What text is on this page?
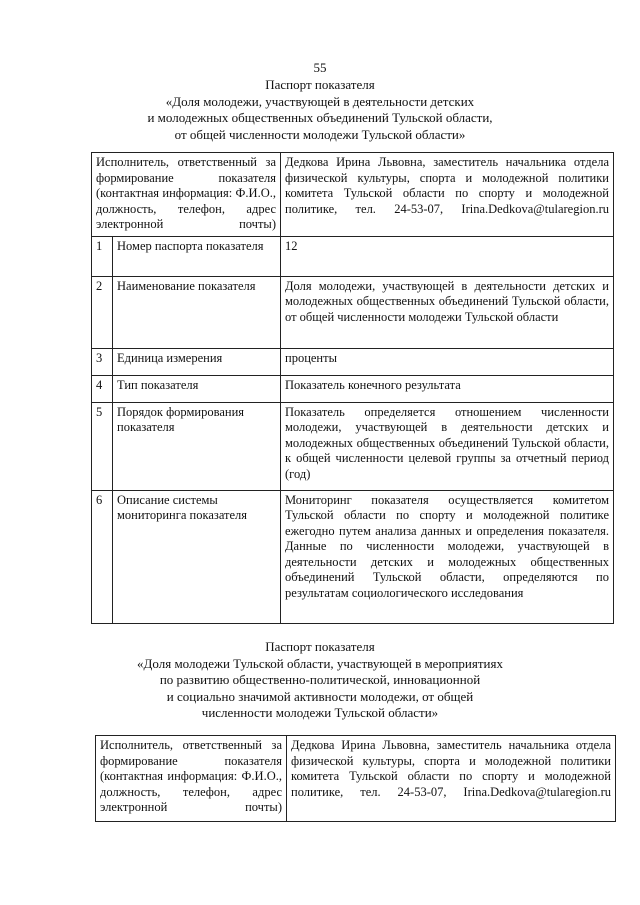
55
Паспорт показателя
«Доля молодежи, участвующей в деятельности детских
и молодежных общественных объединений Тульской области,
от общей численности молодежи Тульской области»
Исполнитель, ответственный за формирование показателя (контактная информация: Ф.И.О., должность, телефон, адрес электронной почты)		Дедкова Ирина Львовна, заместитель начальника отдела физической культуры, спорта и молодежной политики комитета Тульской области по спорту и молодежной политике, тел. 24-53-07, Irina.Dedkova@tularegion.ru
1	Номер паспорта показателя	12
2	Наименование показателя	Доля молодежи, участвующей в деятельности детских и молодежных общественных объединений Тульской области, от общей численности молодежи Тульской области
3	Единица измерения	проценты
4	Тип показателя	Показатель конечного результата
5	Порядок формирования показателя	Показатель определяется отношением численности молодежи, участвующей в деятельности детских и молодежных общественных объединений Тульской области, к общей численности целевой группы за отчетный период (год)
6	Описание системы мониторинга показателя	Мониторинг показателя осуществляется комитетом Тульской области по спорту и молодежной политике ежегодно путем анализа данных и определения показателя. Данные по численности молодежи, участвующей в деятельности детских и молодежных общественных объединений Тульской области, определяются по результатам социологического исследования
Паспорт показателя
«Доля молодежи Тульской области, участвующей в мероприятиях
по развитию общественно-политической, инновационной
и социально значимой активности молодежи, от общей
численности молодежи Тульской области»
Исполнитель, ответственный за формирование показателя (контактная информация: Ф.И.О., должность, телефон, адрес электронной почты)	Дедкова Ирина Львовна, заместитель начальника отдела физической культуры, спорта и молодежной политики комитета Тульской области по спорту и молодежной политике, тел. 24-53-07, Irina.Dedkova@tularegion.ru
